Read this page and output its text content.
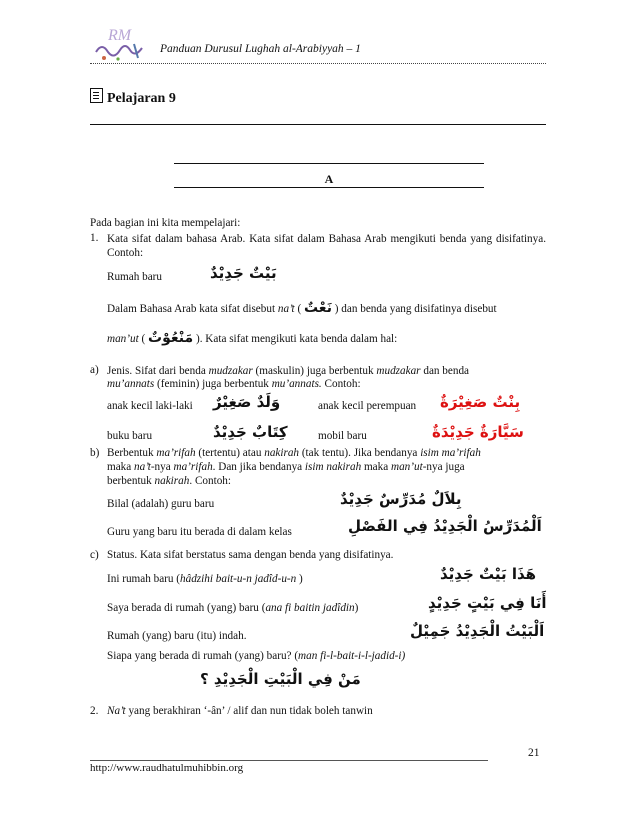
RM
Panduan Durusul Lughah al-Arabiyyah – 1
Pelajaran 9
A
Pada bagian ini kita mempelajari:
1. Kata sifat dalam bahasa Arab. Kata sifat dalam Bahasa Arab mengikuti benda yang disifatinya. Contoh:
Rumah baru	بَيْتٌ جَدِيْدٌ
Dalam Bahasa Arab kata sifat disebut na’t ( نَعْتٌ ) dan benda yang disifatinya disebut
man’ut ( مَنْعُوْتٌ ). Kata sifat mengikuti kata benda dalam hal:
a) Jenis. Sifat dari benda mudzakar (maskulin) juga berbentuk mudzakar dan benda
mu’annats (feminin) juga berbentuk mu’annats. Contoh:
anak kecil laki-laki وَلَدٌ صَغِيْرٌ	anak kecil perempuan بِنْتٌ صَغِيْرَةٌ
buku baru	كِتَابٌ جَدِيْدٌ	mobil baru	سَيَّارَةٌ جَدِيْدَةٌ
b) Berbentuk ma’rifah (tertentu) atau nakirah (tak tentu). Jika bendanya isim ma’rifah
maka na’t-nya ma’rifah. Dan jika bendanya isim nakirah maka man’ut-nya juga
berbentuk nakirah. Contoh:
Bilal (adalah) guru baru	بِلاَلٌ مُدَرِّسٌ جَدِيْدٌ
Guru yang baru itu berada di dalam kelas	اَلْمُدَرِّسُ الْجَدِيْدُ فِي الفَصْلِ
c) Status. Kata sifat berstatus sama dengan benda yang disifatinya.
Ini rumah baru (hâdzihi bait-u-n jadîd-u-n )	هَذَا بَيْتٌ جَدِيْدٌ
Saya berada di rumah (yang) baru (ana fi baitin jadîdin)	أَنَا فِي بَيْتٍ جَدِيْدٍ
Rumah (yang) baru (itu) indah.	اَلْبَيْتُ الْجَدِيْدُ جَمِيْلٌ
Siapa yang berada di rumah (yang) baru? (man fi-l-bait-i-l-jadid-i)
مَنْ فِي الْبَيْتِ الْجَدِيْدِ ؟
2. Na’t yang berakhiran ‘-ân’ / alif dan nun tidak boleh tanwin
21
http://www.raudhatulmuhibbin.org
